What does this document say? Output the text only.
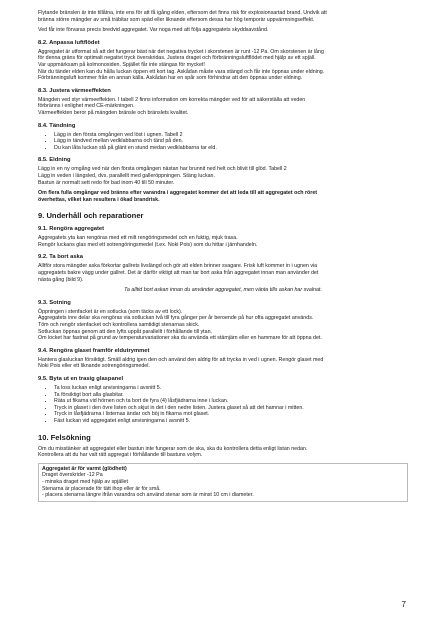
Flytande bränslen är inte tillåtna, inte ens för att få igång elden, eftersom det finns risk för explosionsartad brand. Undvik att
bränna större mängder av små träbitar som späd eller liknande eftersom dessa har hög temporär uppvärmningseffekt.

Ved får inte förvaras precis bredvid aggregatet. Var noga med att följa aggregatets skyddsavstånd.

8.2. Anpassa luftflödet

Aggregatet är utformat så att det fungerar bäst när det negativa trycket i skorstenen är runt -12 Pa. Om skorstenen är lång
för denna gräns för optimalt negativt tryck överskridas. Justera draget och förbränningsluftflödet med hjälp av ett spjäll.
Var uppmärksam på kolmonoxiden. Spjället får inte stängas för mycket!
När du tänder elden kan du hålla luckan öppen ett kort tag. Askådan måste vara stängd och får inte öppnas under eldning.
Förbränningsluft kommer från en annan källa. Askådan har en spår som förhindrar att den öppnas under eldning.

8.3. Justera värmeeffekten

Mängden ved styr värmeeffekten. I tabell 2 finns information om korrekta mängder ved för att säkerställa att veden
förbränns i enlighet med CE-märkningen.
Värmeeffekten beror på mängden bränsle och bränslets kvalitet.

8.4. Tändning
• Lägg in den första omgången ved löst i ugnen. Tabell 2
• Lägg in tändved mellan vedklabbarna och tänd på den.
• Du kan låta luckan stå på glänt en stund medan vedklabbarna tar eld.
8.5. Eldning

Lägg in en ny omgång ved när den första omgången nästan har brunnit ned helt och blivit till glöd. Tabell 2
Lägg in veden i längsled, dvs. parallellt med galleröppningen. Stäng luckan.
Bastun är normalt sett redo för bad inom 40 till 50 minuter.

Om flera fulla omgångar ved bränns efter varandra i aggregatet kommer det att leda till att aggregatet och röret
överhettas, vilket kan resultera i ökad brandrisk.

9. Underhåll och reparationer
9.1. Rengöra aggregatet

Aggregatets yta kan rengöras med ett milt rengöringsmedel och en fuktig, mjuk trasa.
Rengör luckans glas med ett sotrengöringsmedel (t.ex. Noki Pois) som du hittar i järnhandeln.

9.2. Ta bort aska

Alltför stora mängder aska förkortar gallrets livslängd och gör att elden brinner svagare. Frisk luft kommer in i ugnen via
aggregatets bakre vägg under gallret. Det är därför viktigt att man tar bort aska från aggregatet innan man använder det
nästa gång (bild 9).

Ta alltid bort askan innan du använder aggregatet, men vänta tills askan har svalnat.

9.3. Sotning

Öppningen i stenfacket är en sotlucka (som täcks av ett lock).
Aggregatets inre delar ska rengöras via sotluckan två till fyra gånger per år beroende på hur ofta aggregatet används.
Töm och rengör stenfacket och kontrollera samtidigt stenarnas skick.
Sotluckan öppnas genom att den lyfts uppåt parallellt i förhållande till ytan.
Om locket har fastnat på grund av temperaturvariationer ska du använda ett stämjärn eller en hammare för att öppna det.

9.4. Rengöra glaset framför eldutrymmet

Hantera glasluckan försiktigt. Smäll aldrig igen den och använd den aldrig för att trycka in ved i ugnen. Rengör glaset med
Noki Pois eller ett liknande sotrengöringsmedel.

9.5. Byta ut en trasig glaspanel
• Ta loss luckan enligt anvisningarna i avsnitt 5.
• Ta försiktigt bort alla glasbitar.
• Räta ut fikarna vid hörnen och ta bort de fyra (4) låsfjädrarna inne i luckan.
• Tryck in glaset i den övre listen och skjut in det i den nedre listen. Justera glaset så att det hamnar i mitten.
• Tryck in låsfjädrarna i listernas ändar och böj in fikarna mot glaset.
• Fäst luckan vid aggregatet enligt anvisningarna i avsnitt 5.
10. Felsökning

Om du misstänker att aggregatet eller bastun inte fungerar som de ska, ska du kontrollera detta enligt listan nedan.
Kontrollera att du har valt rätt aggregat i förhållande till bastuns volym.

Aggregatet är för varmt (glödhett)

Draget överskrider -12 Pa
- minska draget med hjälp av spjället
Stenarna är placerade för tätt ihop eller är för små.
- placera stenarna längre ifrån varandra och använd stenar som är minst 10 cm i diameter.

7
